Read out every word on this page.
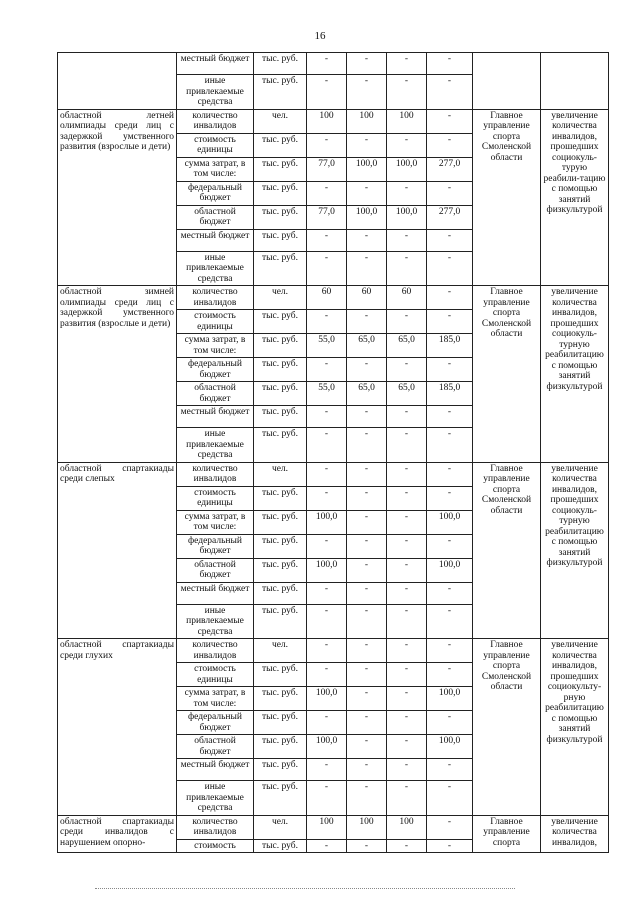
16
	местный бюджет	тыс. руб.	-	-	-	-		
	иные привлекаемые средства	тыс. руб.	-	-	-	-		
областной летней олимпиады среди лиц с задержкой умственного развития (взрослые и дети)	количество инвалидов	чел.	100	100	100	-	Главное управление спорта Смоленской области	увеличение количества инвалидов, прошедших социокуль-турую реабили-тацию с помощью занятий физкультурой
	стоимость единицы	тыс. руб.	-	-	-	-		
	сумма затрат, в том числе:	тыс. руб.	77,0	100,0	100,0	277,0		
	федеральный бюджет	тыс. руб.	-	-	-	-		
	областной бюджет	тыс. руб.	77,0	100,0	100,0	277,0		
	местный бюджет	тыс. руб.	-	-	-	-		
	иные привлекаемые средства	тыс. руб.	-	-	-	-		
областной зимней олимпиады среди лиц с задержкой умственного развития (взрослые и дети)	количество инвалидов	чел.	60	60	60	-	Главное управление спорта Смоленской области	увеличение количества инвалидов, прошедших социокуль-турную реабилитацию с помощью занятий физкультурой
	стоимость единицы	тыс. руб.	-	-	-	-		
	сумма затрат, в том числе:	тыс. руб.	55,0	65,0	65,0	185,0		
	федеральный бюджет	тыс. руб.	-	-	-	-		
	областной бюджет	тыс. руб.	55,0	65,0	65,0	185,0		
	местный бюджет	тыс. руб.	-	-	-	-		
	иные привлекаемые средства	тыс. руб.	-	-	-	-		
областной спартакиады среди слепых	количество инвалидов	чел.	-	-	-	-	Главное управление спорта Смоленской области	увеличение количества инвалидов, прошедших социокуль-турную реабилитацию с помощью занятий физкультурой
	стоимость единицы	тыс. руб.	-	-	-	-		
	сумма затрат, в том числе:	тыс. руб.	100,0	-	-	100,0		
	федеральный бюджет	тыс. руб.	-	-	-	-		
	областной бюджет	тыс. руб.	100,0	-	-	100,0		
	местный бюджет	тыс. руб.	-	-	-	-		
	иные привлекаемые средства	тыс. руб.	-	-	-	-		
областной спартакиады среди глухих	количество инвалидов	чел.	-	-	-	-	Главное управление спорта Смоленской области	увеличение количества инвалидов, прошедших социокульту-рную реабилитацию с помощью занятий физкультурой
	стоимость единицы	тыс. руб.	-	-	-	-		
	сумма затрат, в том числе:	тыс. руб.	100,0	-	-	100,0		
	федеральный бюджет	тыс. руб.	-	-	-	-		
	областной бюджет	тыс. руб.	100,0	-	-	100,0		
	местный бюджет	тыс. руб.	-	-	-	-		
	иные привлекаемые средства	тыс. руб.	-	-	-	-		
областной спартакиады среди инвалидов с нарушением опорно-	количество инвалидов	чел.	100	100	100	-	Главное управление спорта	увеличение количества инвалидов,
	стоимость	тыс. руб.	-	-	-	-		
